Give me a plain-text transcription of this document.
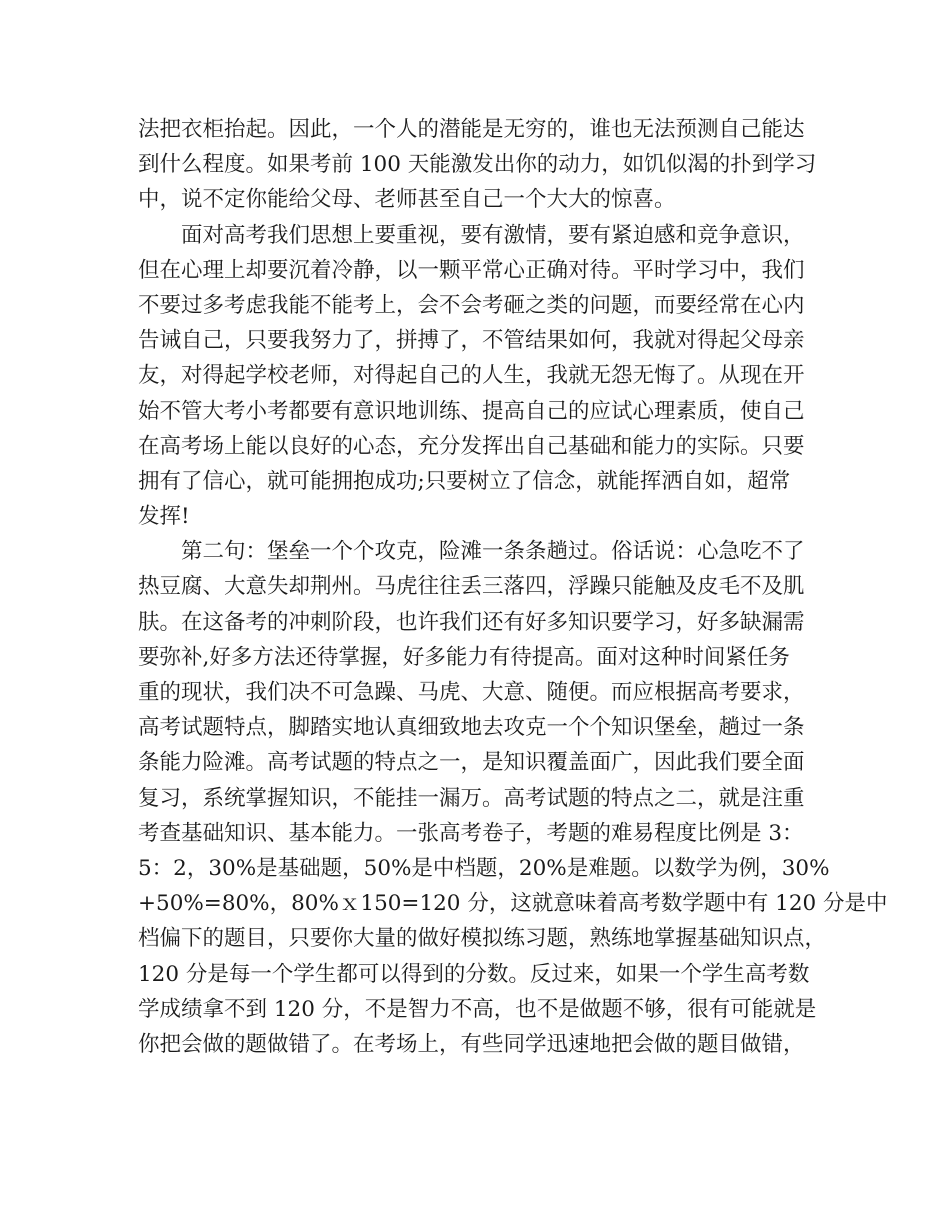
法把衣柜抬起。因此，一个人的潜能是无穷的，谁也无法预测自己能达
到什么程度。如果考前 100 天能激发出你的动力，如饥似渴的扑到学习
中，说不定你能给父母、老师甚至自己一个大大的惊喜。
面对高考我们思想上要重视，要有激情，要有紧迫感和竞争意识，
但在心理上却要沉着冷静，以一颗平常心正确对待。平时学习中，我们
不要过多考虑我能不能考上，会不会考砸之类的问题，而要经常在心内
告诫自己，只要我努力了，拼搏了，不管结果如何，我就对得起父母亲
友，对得起学校老师，对得起自己的人生，我就无怨无悔了。从现在开
始不管大考小考都要有意识地训练、提高自己的应试心理素质，使自己
在高考场上能以良好的心态，充分发挥出自己基础和能力的实际。只要
拥有了信心，就可能拥抱成功;只要树立了信念，就能挥洒自如，超常
发挥!
第二句：堡垒一个个攻克，险滩一条条趟过。俗话说：心急吃不了
热豆腐、大意失却荆州。马虎往往丢三落四，浮躁只能触及皮毛不及肌
肤。在这备考的冲刺阶段，也许我们还有好多知识要学习，好多缺漏需
要弥补,好多方法还待掌握，好多能力有待提高。面对这种时间紧任务
重的现状，我们决不可急躁、马虎、大意、随便。而应根据高考要求，
高考试题特点，脚踏实地认真细致地去攻克一个个知识堡垒，趟过一条
条能力险滩。高考试题的特点之一，是知识覆盖面广，因此我们要全面
复习，系统掌握知识，不能挂一漏万。高考试题的特点之二，就是注重
考查基础知识、基本能力。一张高考卷子，考题的难易程度比例是 3：
5：2，30%是基础题，50%是中档题，20%是难题。以数学为例，30%
+50%=80%，80%ｘ150=120 分，这就意味着高考数学题中有 120 分是中
档偏下的题目，只要你大量的做好模拟练习题，熟练地掌握基础知识点，
120 分是每一个学生都可以得到的分数。反过来，如果一个学生高考数
学成绩拿不到 120 分，不是智力不高，也不是做题不够，很有可能就是
你把会做的题做错了。在考场上，有些同学迅速地把会做的题目做错，
